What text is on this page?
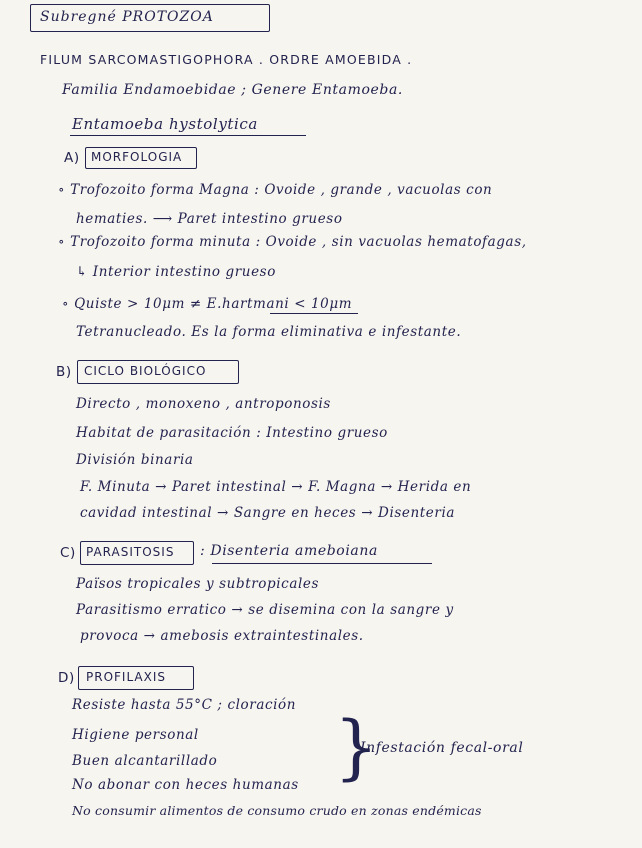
Subregné PROTOZOA
FILUM SARCOMASTIGOPHORA . ORDRE AMOEBIDA .
Familia Endamoebidae ; Genere Entamoeba.
Entamoeba hystolytica
A) MORFOLOGIA
∘ Trofozoito forma Magna : Ovoide , grande , vacuolas con
hematies. ⟶ Paret intestino grueso
∘ Trofozoito forma minuta : Ovoide , sin vacuolas hematofagas,
↳ Interior intestino grueso
∘ Quiste > 10μm ≠ E.hartmani < 10μm
Tetranucleado. Es la forma eliminativa e infestante.
B) CICLO BIOLÓGICO
Directo , monoxeno , antroponosis
Habitat de parasitación : Intestino grueso
División binaria
F. Minuta → Paret intestinal → F. Magna → Herida en
cavidad intestinal → Sangre en heces → Disenteria
C) PARASITOSIS : Disenteria ameboiana
Països tropicales y subtropicales
Parasitismo erratico → se disemina con la sangre y
provoca → amebosis extraintestinales.
D) PROFILAXIS
Resiste hasta 55°C ; cloración
Higiene personal
Buen alcantarillado
No abonar con heces humanas }
Infestación fecal-oral
No consumir alimentos de consumo crudo en zonas endémicas
